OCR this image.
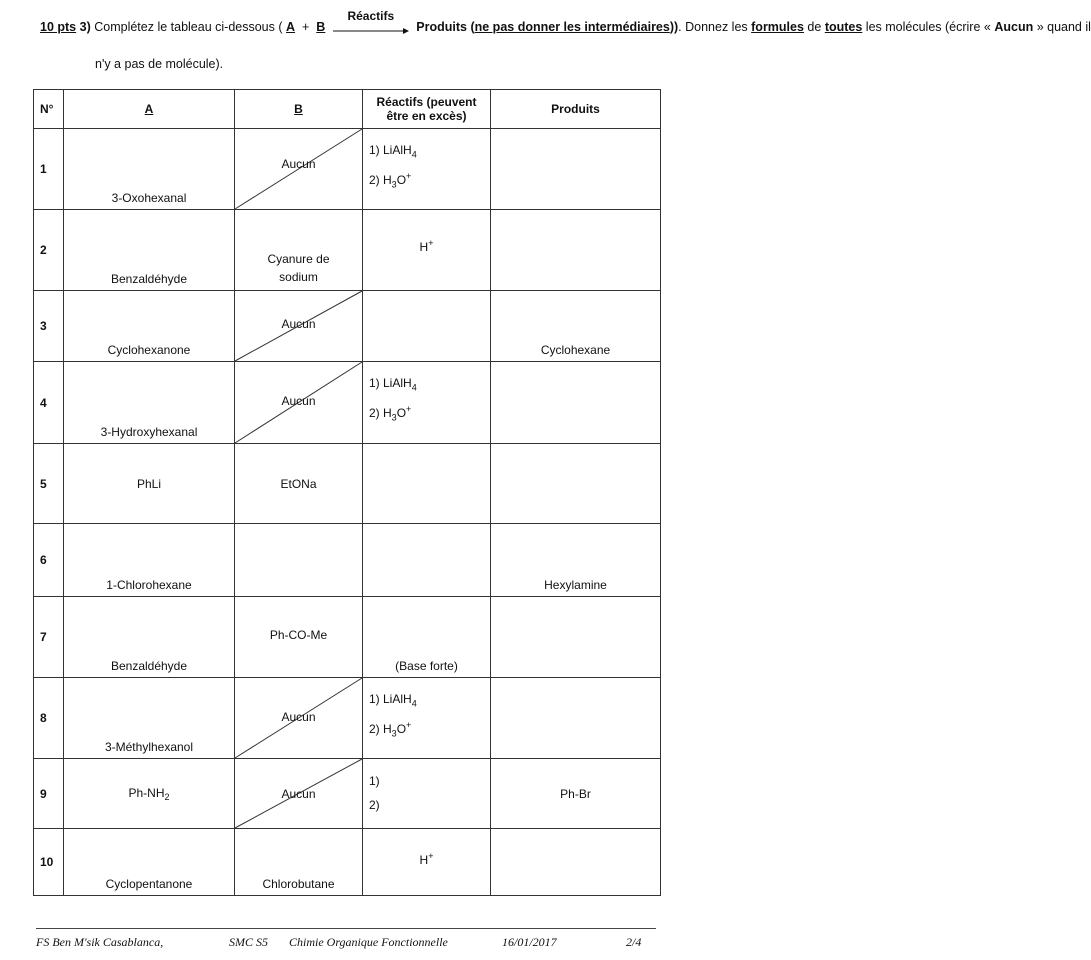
10 pts 3) Complétez le tableau ci-dessous ( A + B
Réactifs
Produits (ne pas donner les intermédiaires)). Donnez les formules de toutes les molécules (écrire « Aucun » quand il
n'y a pas de molécule).
N°	A	B	Réactifs (peuvent
être en excès)	Produits
1	3-Oxohexanal	Aucun	1) LiAlH$_4$
2) $H_3O^+$

2	Benzaldéhyde	Cyanure de
sodium	H+

3	Cyclohexanone	Aucun		Cyclohexane

4	3-Hydroxyhexanal	Aucun	1) LiAlH$_4$
2) $H_3O^+$

5	PhLi	EtONa		

6	1-Chlorohexane			Hexylamine

7	Benzaldéhyde	Ph-CO-Me	(Base forte)	

8	3-Méthylhexanol	Aucun	1) LiAlH$_4$
2) $H_3O^+$

9	$Ph-NH_2$	Aucun	1)
2)	Ph-Br

10	Cyclopentanone	Chlorobutane	H+

FS Ben M'sik Casablanca,	SMC S5 Chimie Organique Fonctionnelle	16/01/2017	2/4
